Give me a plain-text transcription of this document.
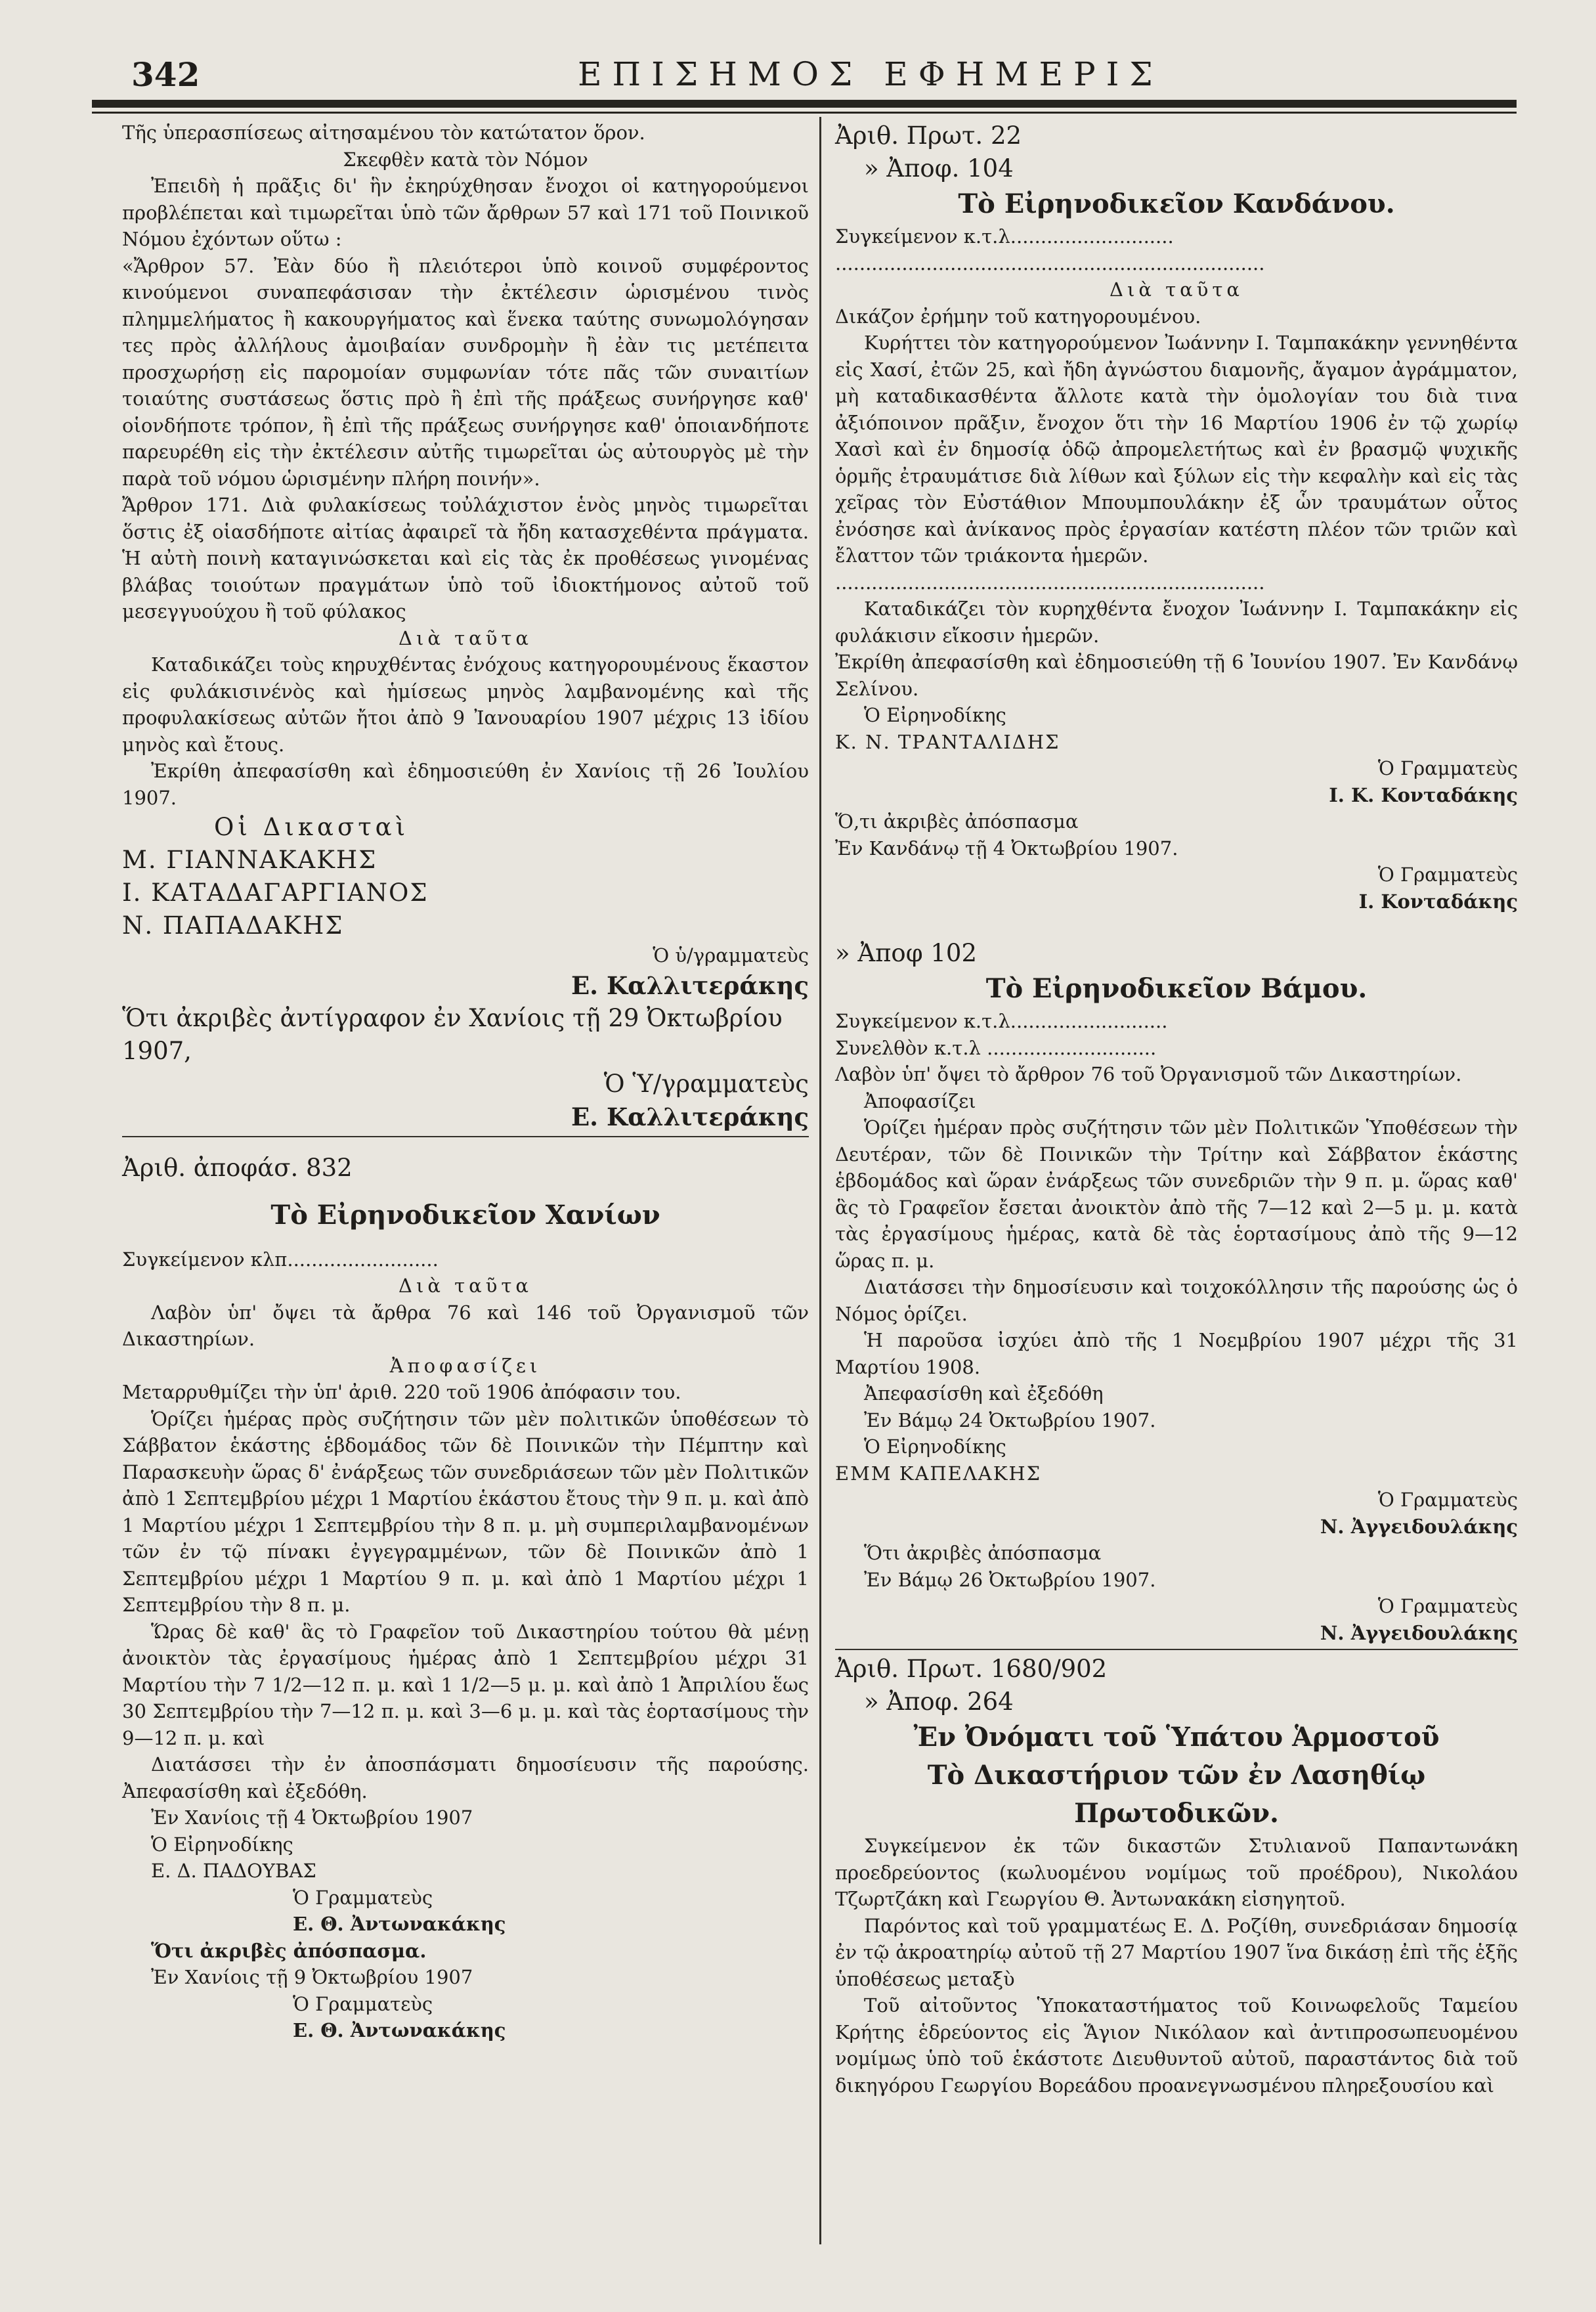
342	ΕΠΙΣΗΜΟΣ ΕΦΗΜΕΡΙΣ

Τῆς ὑπερασπίσεως αἰτησαμένου τὸν κατώτατον ὅρον.

Σκεφθὲν κατὰ τὸν Νόμον

Ἐπειδὴ ἡ πρᾶξις δι' ἣν ἐκηρύχθησαν ἔνοχοι οἱ κατηγορούμενοι προβλέπεται καὶ τιμωρεῖται ὑπὸ τῶν ἄρθρων 57 καὶ 171 τοῦ Ποινικοῦ Νόμου ἐχόντων οὕτω :

«Ἄρθρον 57. Ἐὰν δύο ἢ πλειότεροι ὑπὸ κοινοῦ συμφέροντος κινούμενοι συναπεφάσισαν τὴν ἐκτέλεσιν ὡρισμένου τινὸς πλημμελήματος ἢ κακουργήματος καὶ ἕνεκα ταύτης συνωμολόγησαν τες πρὸς ἀλλήλους ἀμοιβαίαν συνδρομὴν ἢ ἐὰν τις μετέπειτα προσχωρήσῃ εἰς παρομοίαν συμφωνίαν τότε πᾶς τῶν συναιτίων τοιαύτης συστάσεως ὅστις πρὸ ἢ ἐπὶ τῆς πράξεως συνήργησε καθ' οἱονδήποτε τρόπον, ἢ ἐπὶ τῆς πράξεως συνήργησε καθ' ὁποιανδήποτε παρευρέθη εἰς τὴν ἐκτέλεσιν αὐτῆς τιμωρεῖται ὡς αὐτουργὸς μὲ τὴν παρὰ τοῦ νόμου ὡρισμένην πλήρη ποινήν».

Ἄρθρον 171. Διὰ φυλακίσεως τοὐλάχιστον ἑνὸς μηνὸς τιμωρεῖται ὅστις ἐξ οἱασδήποτε αἰτίας ἀφαιρεῖ τὰ ἤδη κατασχεθέντα πράγματα. Ἡ αὐτὴ ποινὴ καταγινώσκεται καὶ εἰς τὰς ἐκ προθέσεως γινομένας βλάβας τοιούτων πραγμάτων ὑπὸ τοῦ ἰδιοκτήμονος αὐτοῦ τοῦ μεσεγγυούχου ἢ τοῦ φύλακος

Διὰ ταῦτα

Καταδικάζει τοὺς κηρυχθέντας ἐνόχους κατηγορουμένους ἕκαστον εἰς φυλάκισινένὸς καὶ ἡμίσεως μηνὸς λαμβανομένης καὶ τῆς προφυλακίσεως αὐτῶν ἤτοι ἀπὸ 9 Ἰανουαρίου 1907 μέχρις 13 ἰδίου μηνὸς καὶ ἔτους.

Ἐκρίθη ἀπεφασίσθη καὶ ἐδημοσιεύθη ἐν Χανίοις τῇ 26 Ἰουλίου 1907.

Οἱ Δικασταὶ

Μ. ΓΙΑΝΝΑΚΑΚΗΣ

Ι. ΚΑΤΑΔΑΓΑΡΓΙΑΝΟΣ

Ν. ΠΑΠΑΔΑΚΗΣ

Ὁ ὑ/γραμματεὺς

Ε. Καλλιτεράκης

Ὅτι ἀκριβὲς ἀντίγραφον ἐν Χανίοις τῇ 29 Ὀκτωβρίου 1907,

Ὁ Ὑ/γραμματεὺς

Ε. Καλλιτεράκης

Ἀριθ. ἀποφάσ. 832

Τὸ Εἰρηνοδικεῖον Χανίων

Συγκείμενον κλπ.........................

Διὰ ταῦτα

Λαβὸν ὑπ' ὄψει τὰ ἄρθρα 76 καὶ 146 τοῦ Ὀργανισμοῦ τῶν Δικαστηρίων.

Ἀποφασίζει

Μεταρρυθμίζει τὴν ὑπ' ἀριθ. 220 τοῦ 1906 ἀπόφασιν του.

Ὁρίζει ἡμέρας πρὸς συζήτησιν τῶν μὲν πολιτικῶν ὑποθέσεων τὸ Σάββατον ἑκάστης ἑβδομάδος τῶν δὲ Ποινικῶν τὴν Πέμπτην καὶ Παρασκευὴν ὥρας δ' ἐνάρξεως τῶν συνεδριάσεων τῶν μὲν Πολιτικῶν ἀπὸ 1 Σεπτεμβρίου μέχρι 1 Μαρτίου ἑκάστου ἔτους τὴν 9 π. μ. καὶ ἀπὸ 1 Μαρτίου μέχρι 1 Σεπτεμβρίου τὴν 8 π. μ. μὴ συμπεριλαμβανομένων τῶν ἐν τῷ πίνακι ἐγγεγραμμένων, τῶν δὲ Ποινικῶν ἀπὸ 1 Σεπτεμβρίου μέχρι 1 Μαρτίου 9 π. μ. καὶ ἀπὸ 1 Μαρτίου μέχρι 1 Σεπτεμβρίου τὴν 8 π. μ.

Ὥρας δὲ καθ' ἃς τὸ Γραφεῖον τοῦ Δικαστηρίου τούτου θὰ μένῃ ἀνοικτὸν τὰς ἐργασίμους ἡμέρας ἀπὸ 1 Σεπτεμβρίου μέχρι 31 Μαρτίου τὴν 7 1/2—12 π. μ. καὶ 1 1/2—5 μ. μ. καὶ ἀπὸ 1 Ἀπριλίου ἕως 30 Σεπτεμβρίου τὴν 7—12 π. μ. καὶ 3—6 μ. μ. καὶ τὰς ἑορτασίμους τὴν 9—12 π. μ. καὶ

Διατάσσει τὴν ἐν ἀποσπάσματι δημοσίευσιν τῆς παρούσης. Ἀπεφασίσθη καὶ ἐξεδόθη.

Ἐν Χανίοις τῇ 4 Ὀκτωβρίου 1907

Ὁ Εἰρηνοδίκης

Ε. Δ. ΠΑΔΟΥΒΑΣ

Ὁ Γραμματεὺς

Ε. Θ. Ἀντωνακάκης

Ὅτι ἀκριβὲς ἀπόσπασμα.

Ἐν Χανίοις τῇ 9 Ὀκτωβρίου 1907

Ὁ Γραμματεὺς

Ε. Θ. Ἀντωνακάκης

Ἀριθ. Πρωτ. 22

» Ἀποφ. 104

Τὸ Εἰρηνοδικεῖον Κανδάνου.

Συγκείμενον κ.τ.λ...........................

.......................................................................

Διὰ ταῦτα

Δικάζον ἐρήμην τοῦ κατηγορουμένου.

Κυρήττει τὸν κατηγορούμενον Ἰωάννην Ι. Ταμπακάκην γεννηθέντα εἰς Χασί, ἐτῶν 25, καὶ ἤδη ἀγνώστου διαμονῆς, ἄγαμον ἀγράμματον, μὴ καταδικασθέντα ἄλλοτε κατὰ τὴν ὁμολογίαν του διὰ τινα ἀξιόποινον πρᾶξιν, ἔνοχον ὅτι τὴν 16 Μαρτίου 1906 ἐν τῷ χωρίῳ Χασὶ καὶ ἐν δημοσίᾳ ὁδῷ ἀπρομελετήτως καὶ ἐν βρασμῷ ψυχικῆς ὁρμῆς ἐτραυμάτισε διὰ λίθων καὶ ξύλων εἰς τὴν κεφαλὴν καὶ εἰς τὰς χεῖρας τὸν Εὐστάθιον Μπουμπουλάκην ἐξ ὧν τραυμάτων οὗτος ἐνόσησε καὶ ἀνίκανος πρὸς ἐργασίαν κατέστη πλέον τῶν τριῶν καὶ ἔλαττον τῶν τριάκοντα ἡμερῶν.

.......................................................................

Καταδικάζει τὸν κυρηχθέντα ἔνοχον Ἰωάννην Ι. Ταμπακάκην εἰς φυλάκισιν εἴκοσιν ἡμερῶν.

Ἐκρίθη ἀπεφασίσθη καὶ ἐδημοσιεύθη τῇ 6 Ἰουνίου 1907. Ἐν Κανδάνῳ Σελίνου.

Ὁ Εἰρηνοδίκης

Κ. Ν. ΤΡΑΝΤΑΛΙΔΗΣ

Ὁ Γραμματεὺς

Ι. Κ. Κονταδάκης

Ὅ,τι ἀκριβὲς ἀπόσπασμα

Ἐν Κανδάνῳ τῇ 4 Ὀκτωβρίου 1907.

Ὁ Γραμματεὺς

Ι. Κονταδάκης

» Ἀποφ 102

Τὸ Εἰρηνοδικεῖον Βάμου.

Συγκείμενον κ.τ.λ..........................

Συνελθὸν κ.τ.λ ............................

Λαβὸν ὑπ' ὄψει τὸ ἄρθρον 76 τοῦ Ὀργανισμοῦ τῶν Δικαστηρίων.

Ἀποφασίζει

Ὁρίζει ἡμέραν πρὸς συζήτησιν τῶν μὲν Πολιτικῶν Ὑποθέσεων τὴν Δευτέραν, τῶν δὲ Ποινικῶν τὴν Τρίτην καὶ Σάββατον ἑκάστης ἑβδομάδος καὶ ὥραν ἐνάρξεως τῶν συνεδριῶν τὴν 9 π. μ. ὥρας καθ' ἃς τὸ Γραφεῖον ἔσεται ἀνοικτὸν ἀπὸ τῆς 7—12 καὶ 2—5 μ. μ. κατὰ τὰς ἐργασίμους ἡμέρας, κατὰ δὲ τὰς ἑορτασίμους ἀπὸ τῆς 9—12 ὥρας π. μ.

Διατάσσει τὴν δημοσίευσιν καὶ τοιχοκόλλησιν τῆς παρούσης ὡς ὁ Νόμος ὁρίζει.

Ἡ παροῦσα ἰσχύει ἀπὸ τῆς 1 Νοεμβρίου 1907 μέχρι τῆς 31 Μαρτίου 1908.

Ἀπεφασίσθη καὶ ἐξεδόθη

Ἐν Βάμῳ 24 Ὀκτωβρίου 1907.

Ὁ Εἰρηνοδίκης

ΕΜΜ ΚΑΠΕΛΑΚΗΣ

Ὁ Γραμματεὺς

Ν. Ἀγγειδουλάκης

Ὅτι ἀκριβὲς ἀπόσπασμα

Ἐν Βάμῳ 26 Ὀκτωβρίου 1907.

Ὁ Γραμματεὺς

Ν. Ἀγγειδουλάκης

Ἀριθ. Πρωτ. 1680/902

» Ἀποφ. 264

Ἐν Ὀνόματι τοῦ Ὑπάτου Ἁρμοστοῦ

Τὸ Δικαστήριον τῶν ἐν Λασηθίῳ Πρωτοδικῶν.

Συγκείμενον ἐκ τῶν δικαστῶν Στυλιανοῦ Παπαντωνάκη προεδρεύοντος (κωλυομένου νομίμως τοῦ προέδρου), Νικολάου Τζωρτζάκη καὶ Γεωργίου Θ. Ἀντωνακάκη εἰσηγητοῦ.

Παρόντος καὶ τοῦ γραμματέως Ε. Δ. Ροζίθη, συνεδριάσαν δημοσίᾳ ἐν τῷ ἀκροατηρίῳ αὐτοῦ τῇ 27 Μαρτίου 1907 ἵνα δικάσῃ ἐπὶ τῆς ἑξῆς ὑποθέσεως μεταξὺ

Τοῦ αἰτοῦντος Ὑποκαταστήματος τοῦ Κοινωφελοῦς Ταμείου Κρήτης ἑδρεύοντος εἰς Ἅγιον Νικόλαον καὶ ἀντιπροσωπευομένου νομίμως ὑπὸ τοῦ ἑκάστοτε Διευθυντοῦ αὐτοῦ, παραστάντος διὰ τοῦ δικηγόρου Γεωργίου Βορεάδου προανεγνωσμένου πληρεξουσίου καὶ
